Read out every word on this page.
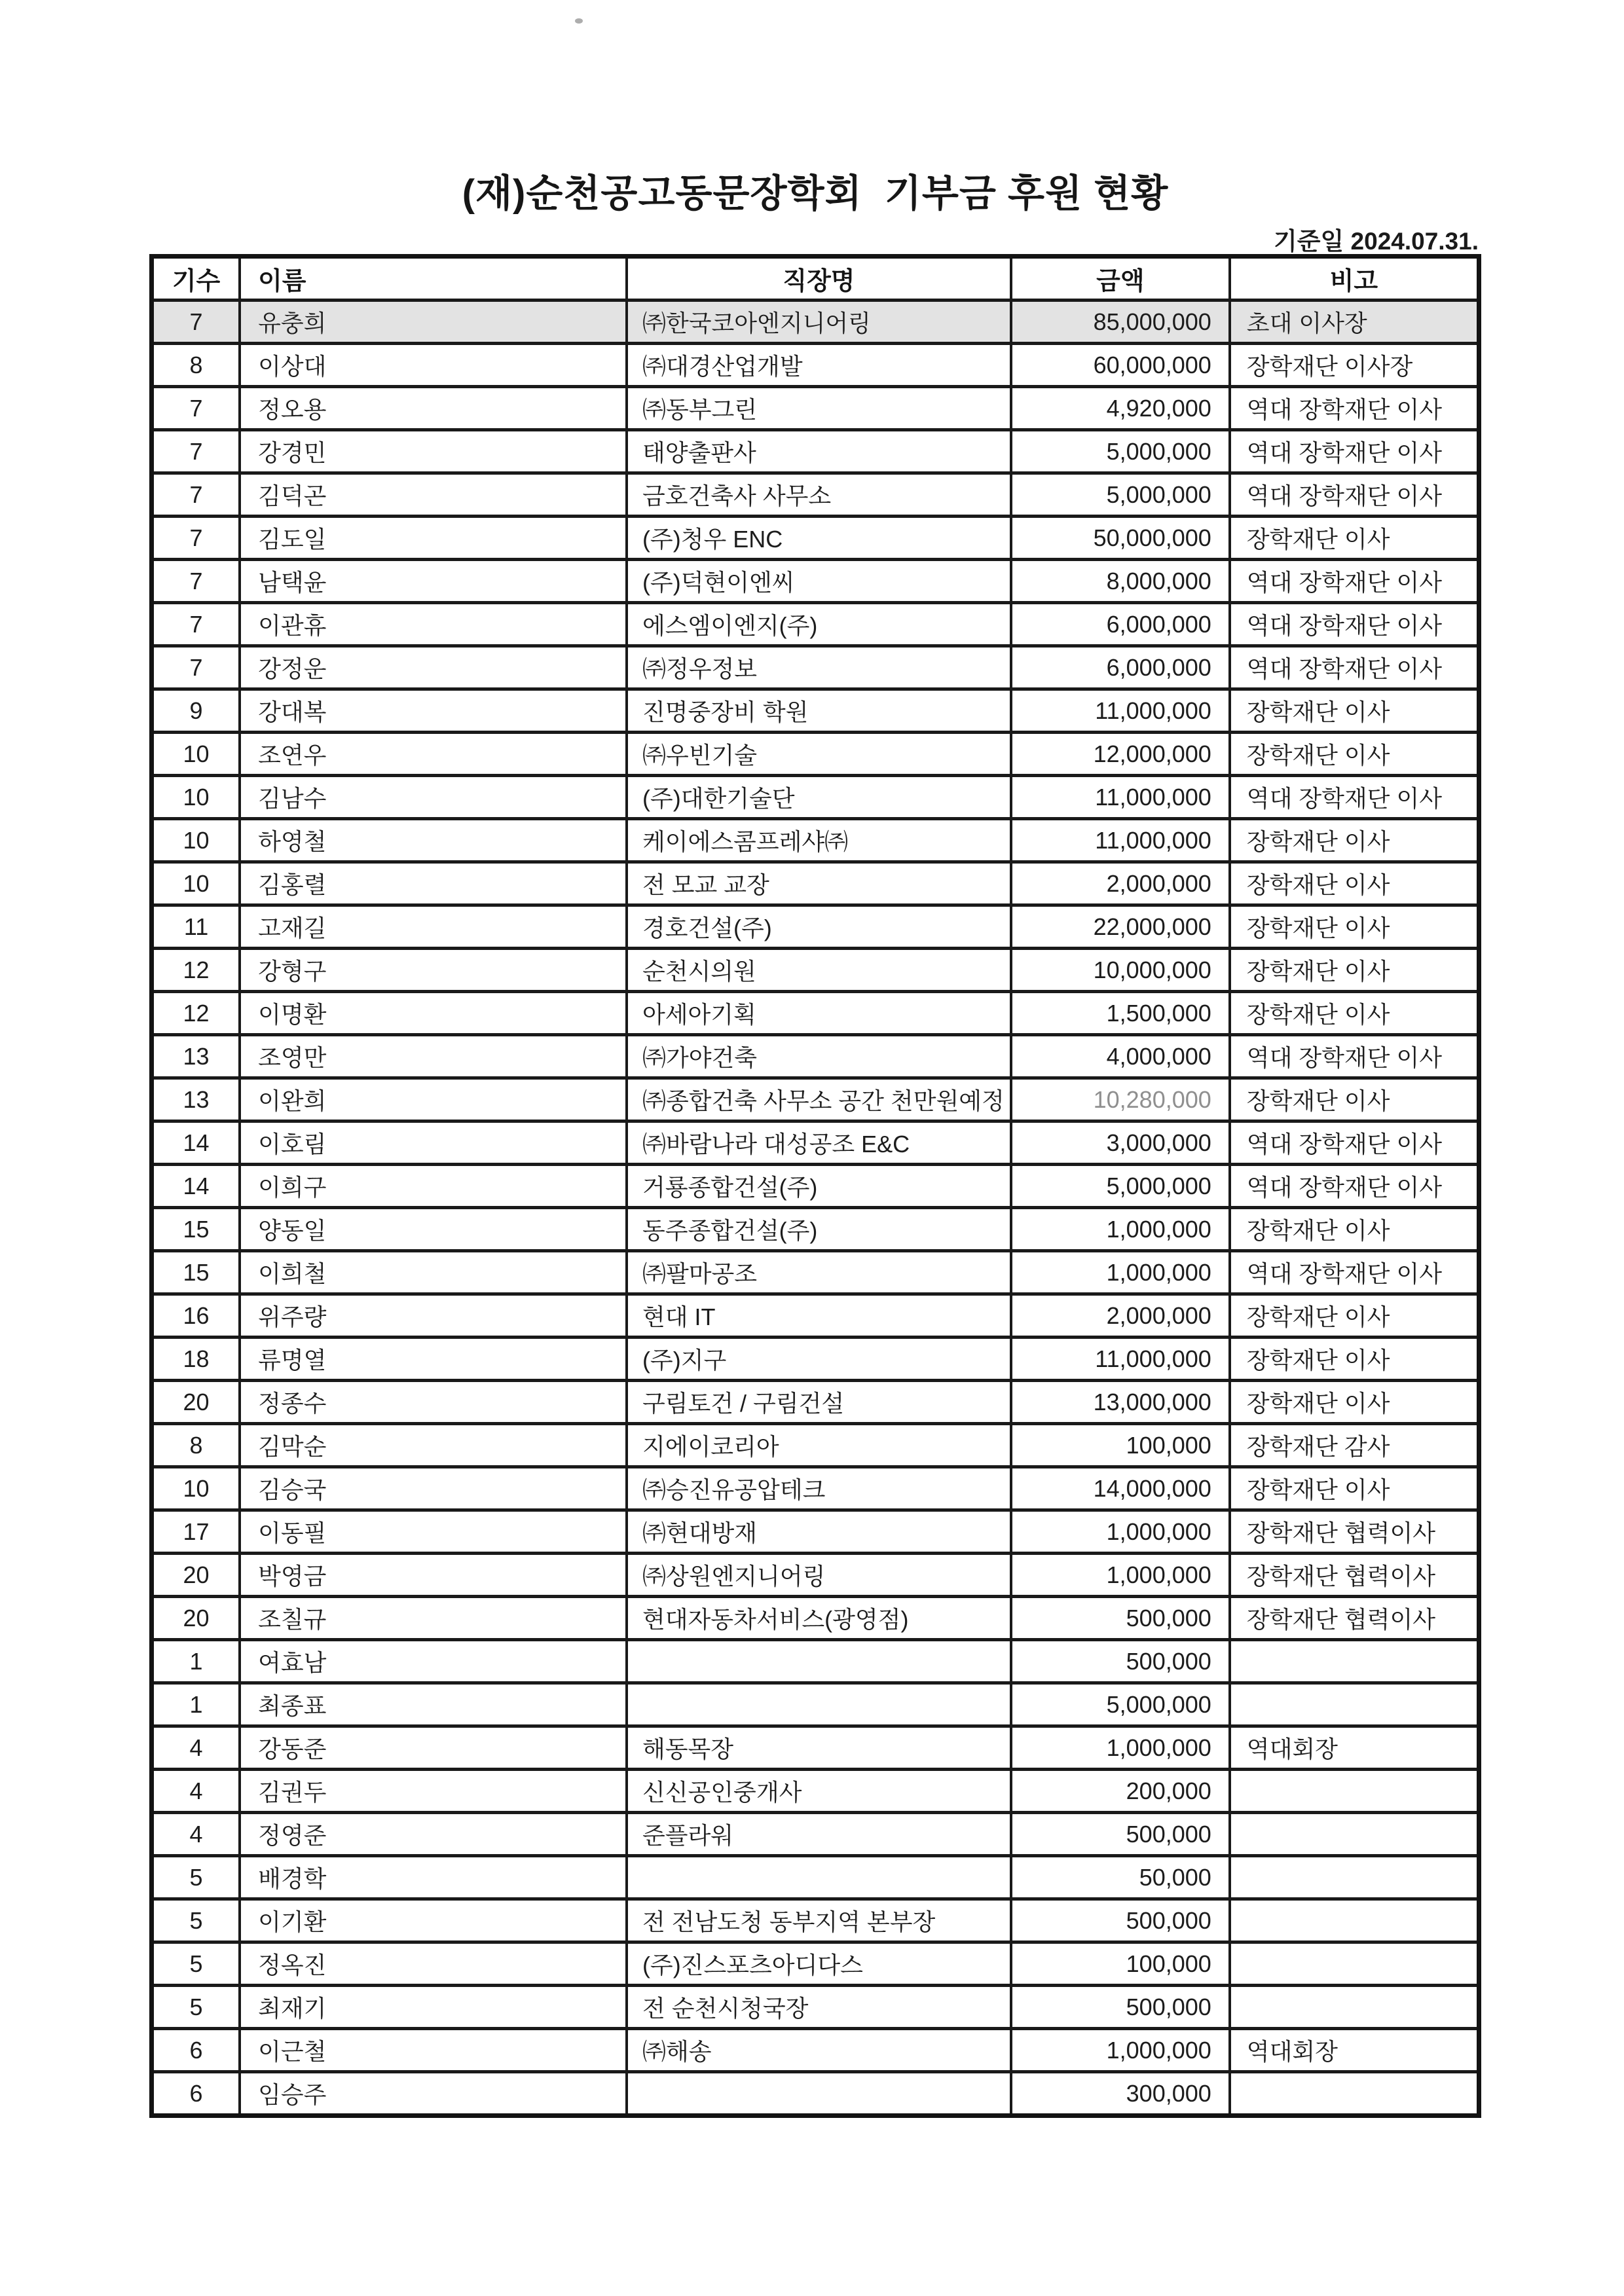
(재)순천공고동문장학회  기부금 후원 현황
기준일 2024.07.31.
기수	이름	직장명	금액	비고
7	유충희	㈜한국코아엔지니어링	85,000,000	초대 이사장
8	이상대	㈜대경산업개발	60,000,000	장학재단 이사장
7	정오용	㈜동부그린	4,920,000	역대 장학재단 이사
7	강경민	태양출판사	5,000,000	역대 장학재단 이사
7	김덕곤	금호건축사 사무소	5,000,000	역대 장학재단 이사
7	김도일	(주)청우 ENC	50,000,000	장학재단 이사
7	남택윤	(주)덕현이엔씨	8,000,000	역대 장학재단 이사
7	이관휴	에스엠이엔지(주)	6,000,000	역대 장학재단 이사
7	강정운	㈜정우정보	6,000,000	역대 장학재단 이사
9	강대복	진명중장비 학원	11,000,000	장학재단 이사
10	조연우	㈜우빈기술	12,000,000	장학재단 이사
10	김남수	(주)대한기술단	11,000,000	역대 장학재단 이사
10	하영철	케이에스콤프레샤㈜	11,000,000	장학재단 이사
10	김홍렬	전 모교 교장	2,000,000	장학재단 이사
11	고재길	경호건설(주)	22,000,000	장학재단 이사
12	강형구	순천시의원	10,000,000	장학재단 이사
12	이명환	아세아기획	1,500,000	장학재단 이사
13	조영만	㈜가야건축	4,000,000	역대 장학재단 이사
13	이완희	㈜종합건축 사무소 공간 천만원예정	10,280,000	장학재단 이사
14	이호림	㈜바람나라 대성공조 E&C	3,000,000	역대 장학재단 이사
14	이희구	거룡종합건설(주)	5,000,000	역대 장학재단 이사
15	양동일	동주종합건설(주)	1,000,000	장학재단 이사
15	이희철	㈜팔마공조	1,000,000	역대 장학재단 이사
16	위주량	현대 IT	2,000,000	장학재단 이사
18	류명열	(주)지구	11,000,000	장학재단 이사
20	정종수	구림토건 / 구림건설	13,000,000	장학재단 이사
8	김막순	지에이코리아	100,000	장학재단 감사
10	김승국	㈜승진유공압테크	14,000,000	장학재단 이사
17	이동필	㈜현대방재	1,000,000	장학재단 협력이사
20	박영금	㈜상원엔지니어링	1,000,000	장학재단 협력이사
20	조칠규	현대자동차서비스(광영점)	500,000	장학재단 협력이사
1	여효남		500,000	
1	최종표		5,000,000	
4	강동준	해동목장	1,000,000	역대회장
4	김권두	신신공인중개사	200,000	
4	정영준	준플라워	500,000	
5	배경학		50,000	
5	이기환	전 전남도청 동부지역 본부장	500,000	
5	정옥진	(주)진스포츠아디다스	100,000	
5	최재기	전 순천시청국장	500,000	
6	이근철	㈜해송	1,000,000	역대회장
6	임승주		300,000	
